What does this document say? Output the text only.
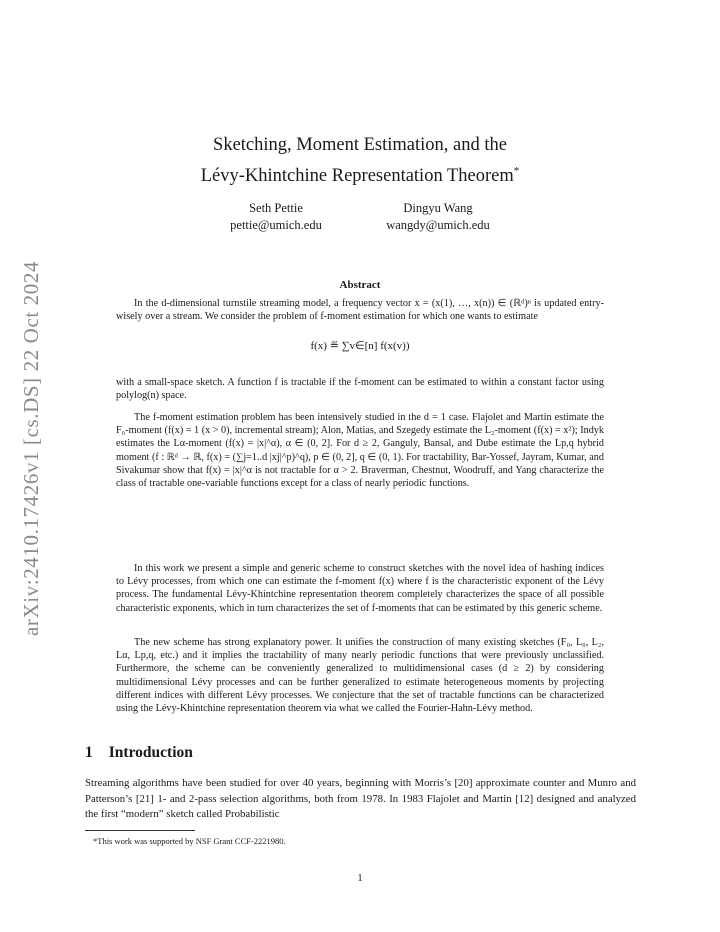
arXiv:2410.17426v1 [cs.DS] 22 Oct 2024
Sketching, Moment Estimation, and the
Lévy-Khintchine Representation Theorem*
Seth Pettie
pettie@umich.edu
Dingyu Wang
wangdy@umich.edu
Abstract

In the d-dimensional turnstile streaming model, a frequency vector x = (x(1), …, x(n)) ∈ (ℝᵈ)ⁿ is updated entry-wisely over a stream. We consider the problem of f-moment estimation for which one wants to estimate

f(x) ≝ ∑v∈[n] f(x(v))

with a small-space sketch. A function f is tractable if the f-moment can be estimated to within a constant factor using polylog(n) space.

The f-moment estimation problem has been intensively studied in the d = 1 case. Flajolet and Martin estimate the F₀-moment (f(x) = 1 (x > 0), incremental stream); Alon, Matias, and Szegedy estimate the L₂-moment (f(x) = x²); Indyk estimates the Lα-moment (f(x) = |x|^α), α ∈ (0, 2]. For d ≥ 2, Ganguly, Bansal, and Dube estimate the Lp,q hybrid moment (f : ℝᵈ → ℝ, f(x) = (∑j=1..d |xj|^p)^q), p ∈ (0, 2], q ∈ (0, 1). For tractability, Bar-Yossef, Jayram, Kumar, and Sivakumar show that f(x) = |x|^α is not tractable for α > 2. Braverman, Chestnut, Woodruff, and Yang characterize the class of tractable one-variable functions except for a class of nearly periodic functions.

In this work we present a simple and generic scheme to construct sketches with the novel idea of hashing indices to Lévy processes, from which one can estimate the f-moment f(x) where f is the characteristic exponent of the Lévy process. The fundamental Lévy-Khintchine representation theorem completely characterizes the space of all possible characteristic exponents, which in turn characterizes the set of f-moments that can be estimated by this generic scheme.

The new scheme has strong explanatory power. It unifies the construction of many existing sketches (F₀, L₀, L₂, Lα, Lp,q, etc.) and it implies the tractability of many nearly periodic functions that were previously unclassified. Furthermore, the scheme can be conveniently generalized to multidimensional cases (d ≥ 2) by considering multidimensional Lévy processes and can be further generalized to estimate heterogeneous moments by projecting different indices with different Lévy processes. We conjecture that the set of tractable functions can be characterized using the Lévy-Khintchine representation theorem via what we called the Fourier-Hahn-Lévy method.

1 Introduction

Streaming algorithms have been studied for over 40 years, beginning with Morris’s [20] approximate counter and Munro and Patterson’s [21] 1- and 2-pass selection algorithms, both from 1978. In 1983 Flajolet and Martin [12] designed and analyzed the first “modern” sketch called Probabilistic

*This work was supported by NSF Grant CCF-2221980.
1
